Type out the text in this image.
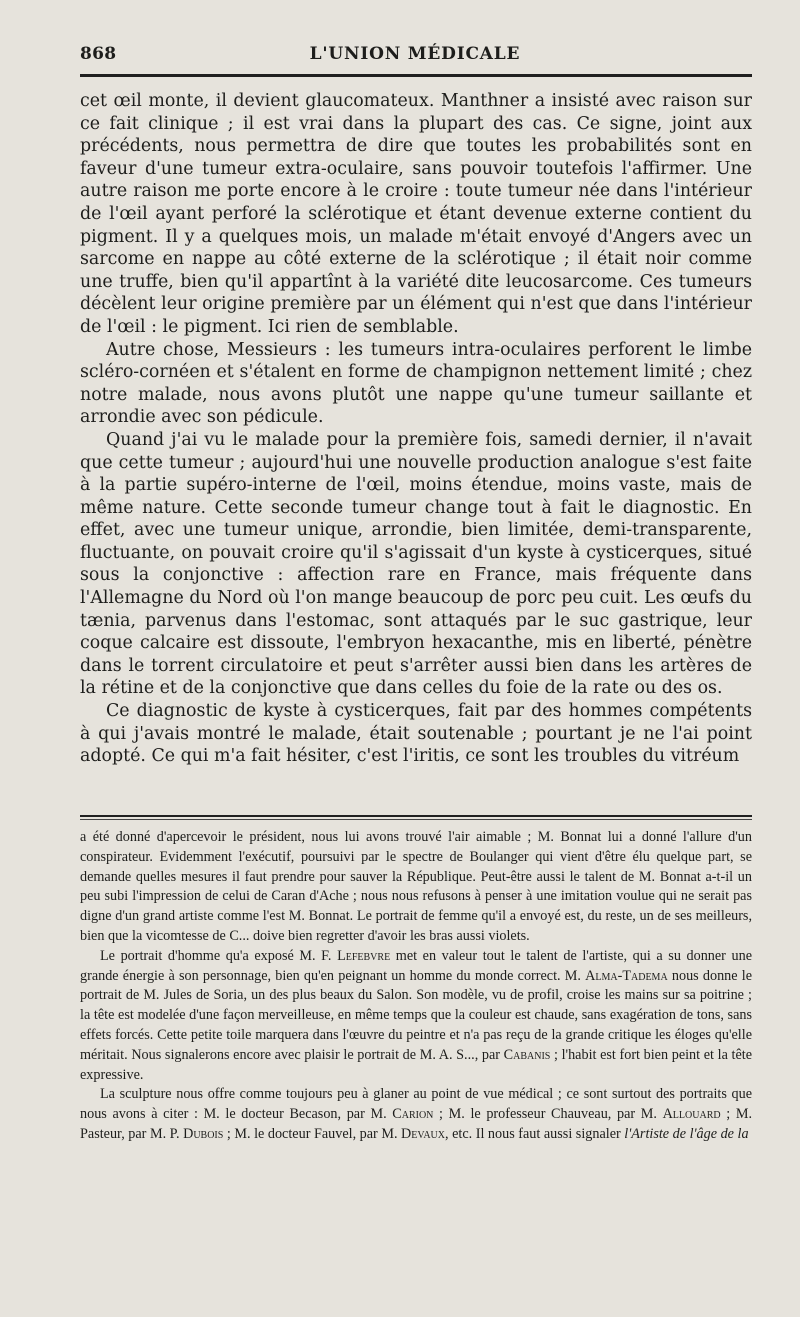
868	L'UNION MÉDICALE

cet œil monte, il devient glaucomateux. Manthner a insisté avec raison sur ce fait clinique ; il est vrai dans la plupart des cas. Ce signe, joint aux précédents, nous permettra de dire que toutes les probabilités sont en faveur d'une tumeur extra-oculaire, sans pouvoir toutefois l'affirmer. Une autre raison me porte encore à le croire : toute tumeur née dans l'intérieur de l'œil ayant perforé la sclérotique et étant devenue externe contient du pigment. Il y a quelques mois, un malade m'était envoyé d'Angers avec un sarcome en nappe au côté externe de la sclérotique ; il était noir comme une truffe, bien qu'il appartînt à la variété dite leucosarcome. Ces tumeurs décèlent leur origine première par un élément qui n'est que dans l'intérieur de l'œil : le pigment. Ici rien de semblable.

Autre chose, Messieurs : les tumeurs intra-oculaires perforent le limbe scléro-cornéen et s'étalent en forme de champignon nettement limité ; chez notre malade, nous avons plutôt une nappe qu'une tumeur saillante et arrondie avec son pédicule.

Quand j'ai vu le malade pour la première fois, samedi dernier, il n'avait que cette tumeur ; aujourd'hui une nouvelle production analogue s'est faite à la partie supéro-interne de l'œil, moins étendue, moins vaste, mais de même nature. Cette seconde tumeur change tout à fait le diagnostic. En effet, avec une tumeur unique, arrondie, bien limitée, demi-transparente, fluctuante, on pouvait croire qu'il s'agissait d'un kyste à cysticerques, situé sous la conjonctive : affection rare en France, mais fréquente dans l'Allemagne du Nord où l'on mange beaucoup de porc peu cuit. Les œufs du tænia, parvenus dans l'estomac, sont attaqués par le suc gastrique, leur coque calcaire est dissoute, l'embryon hexacanthe, mis en liberté, pénètre dans le torrent circulatoire et peut s'arrêter aussi bien dans les artères de la rétine et de la conjonctive que dans celles du foie de la rate ou des os.

Ce diagnostic de kyste à cysticerques, fait par des hommes compétents à qui j'avais montré le malade, était soutenable ; pourtant je ne l'ai point adopté. Ce qui m'a fait hésiter, c'est l'iritis, ce sont les troubles du vitréum

a été donné d'apercevoir le président, nous lui avons trouvé l'air aimable ; M. Bonnat lui a donné l'allure d'un conspirateur. Evidemment l'exécutif, poursuivi par le spectre de Boulanger qui vient d'être élu quelque part, se demande quelles mesures il faut prendre pour sauver la République. Peut-être aussi le talent de M. Bonnat a-t-il un peu subi l'impression de celui de Caran d'Ache ; nous nous refusons à penser à une imitation voulue qui ne serait pas digne d'un grand artiste comme l'est M. Bonnat. Le portrait de femme qu'il a envoyé est, du reste, un de ses meilleurs, bien que la vicomtesse de C... doive bien regretter d'avoir les bras aussi violets.

Le portrait d'homme qu'a exposé M. F. Lefebvre met en valeur tout le talent de l'artiste, qui a su donner une grande énergie à son personnage, bien qu'en peignant un homme du monde correct. M. Alma-Tadema nous donne le portrait de M. Jules de Soria, un des plus beaux du Salon. Son modèle, vu de profil, croise les mains sur sa poitrine ; la tête est modelée d'une façon merveilleuse, en même temps que la couleur est chaude, sans exagération de tons, sans effets forcés. Cette petite toile marquera dans l'œuvre du peintre et n'a pas reçu de la grande critique les éloges qu'elle méritait. Nous signalerons encore avec plaisir le portrait de M. A. S..., par Cabanis ; l'habit est fort bien peint et la tête expressive.

La sculpture nous offre comme toujours peu à glaner au point de vue médical ; ce sont surtout des portraits que nous avons à citer : M. le docteur Becason, par M. Carion ; M. le professeur Chauveau, par M. Allouard ; M. Pasteur, par M. P. Dubois ; M. le docteur Fauvel, par M. Devaux, etc. Il nous faut aussi signaler l'Artiste de l'âge de la
